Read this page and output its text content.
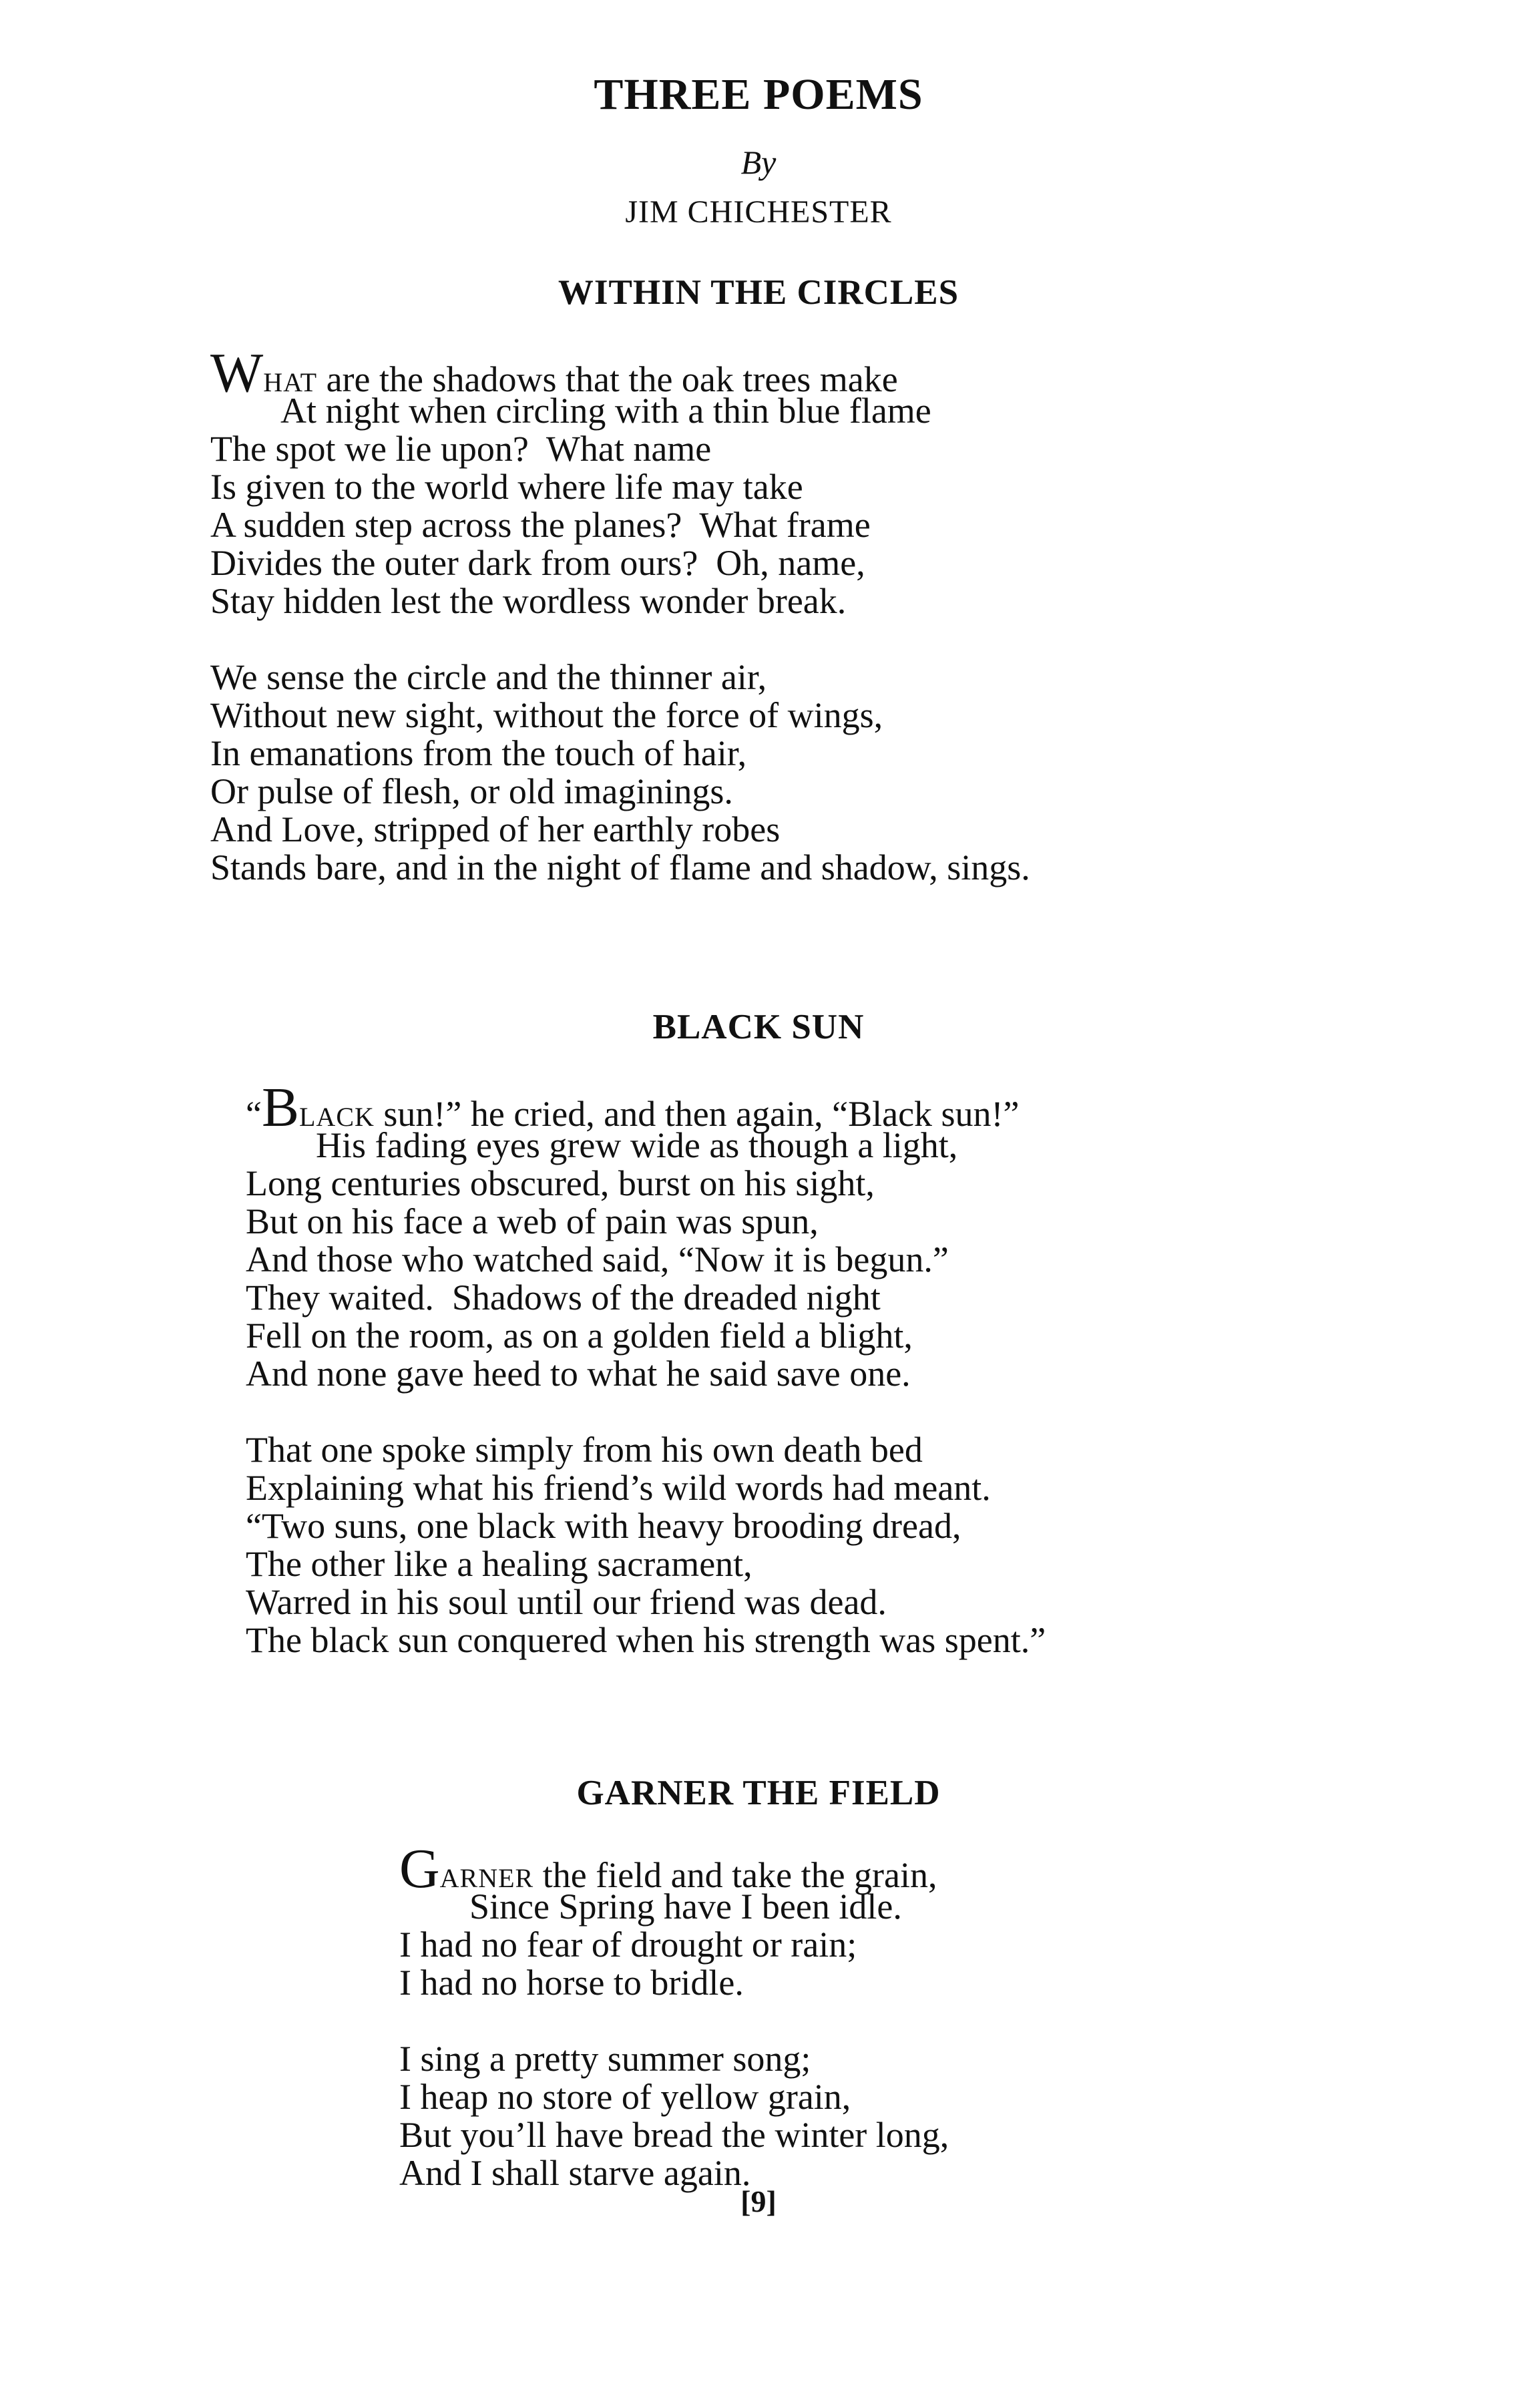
THREE POEMS
By
JIM CHICHESTER
WITHIN THE CIRCLES
WHAT are the shadows that the oak trees make
At night when circling with a thin blue flame
The spot we lie upon?  What name
Is given to the world where life may take
A sudden step across the planes?  What frame
Divides the outer dark from ours?  Oh, name,
Stay hidden lest the wordless wonder break.
We sense the circle and the thinner air,
Without new sight, without the force of wings,
In emanations from the touch of hair,
Or pulse of flesh, or old imaginings.
And Love, stripped of her earthly robes
Stands bare, and in the night of flame and shadow, sings.
BLACK SUN
“BLACK sun!” he cried, and then again, “Black sun!”
His fading eyes grew wide as though a light,
Long centuries obscured, burst on his sight,
But on his face a web of pain was spun,
And those who watched said, “Now it is begun.”
They waited.  Shadows of the dreaded night
Fell on the room, as on a golden field a blight,
And none gave heed to what he said save one.
That one spoke simply from his own death bed
Explaining what his friend’s wild words had meant.
“Two suns, one black with heavy brooding dread,
The other like a healing sacrament,
Warred in his soul until our friend was dead.
The black sun conquered when his strength was spent.”
GARNER THE FIELD
GARNER the field and take the grain,
Since Spring have I been idle.
I had no fear of drought or rain;
I had no horse to bridle.
I sing a pretty summer song;
I heap no store of yellow grain,
But you’ll have bread the winter long,
And I shall starve again.
[9]
